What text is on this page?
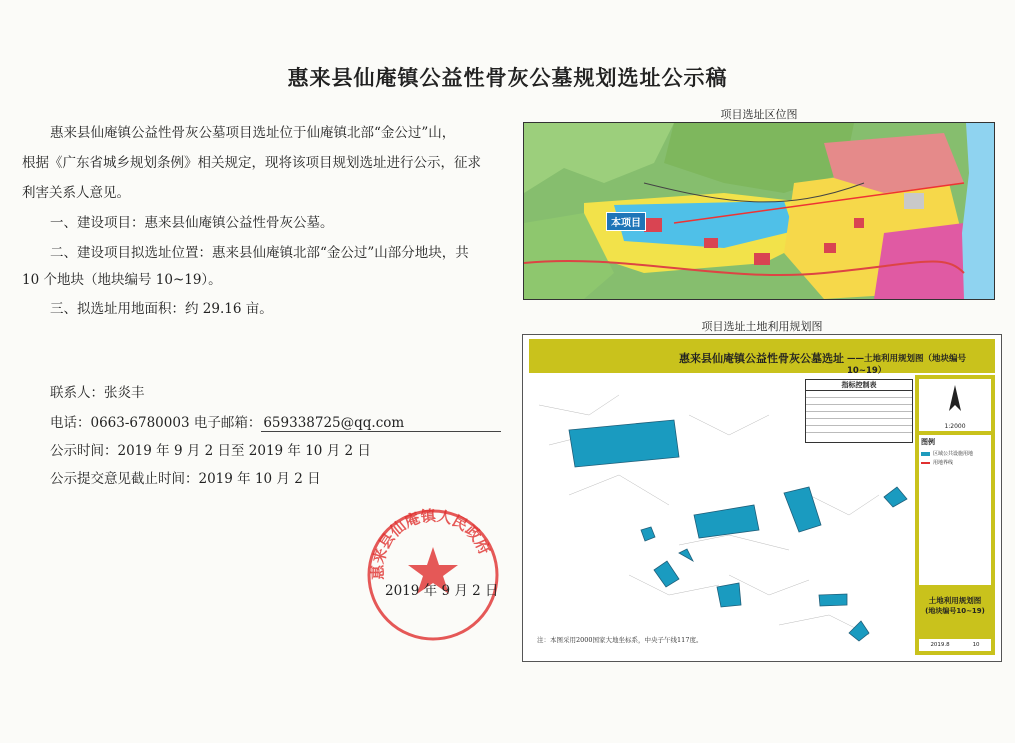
惠来县仙庵镇公益性骨灰公墓规划选址公示稿
惠来县仙庵镇公益性骨灰公墓项目选址位于仙庵镇北部“金公过”山，
根据《广东省城乡规划条例》相关规定，现将该项目规划选址进行公示，征求
利害关系人意见。
一、建设项目：惠来县仙庵镇公益性骨灰公墓。
二、建设项目拟选址位置：惠来县仙庵镇北部“金公过”山部分地块，共
10 个地块（地块编号 10~19）。
三、拟选址用地面积：约 29.16 亩。
联系人：张炎丰
电话：0663-6780003 电子邮箱： 659338725@qq.com
公示时间：2019 年 9 月 2 日至 2019 年 10 月 2 日
公示提交意见截止时间：2019 年 10 月 2 日
惠来县仙庵镇人民政府
2019 年 9 月 2 日
项目选址区位图
本项目
项目选址土地利用规划图
惠来县仙庵镇公益性骨灰公墓选址 ——土地利用规划图（地块编号10~19）
指标控制表
1:2000
图例
区域公共设施用地
用地界线
土地利用规划图
(地块编号10~19)
2019.8	10
注：本图采用2000国家大地坐标系，中央子午线117度。
